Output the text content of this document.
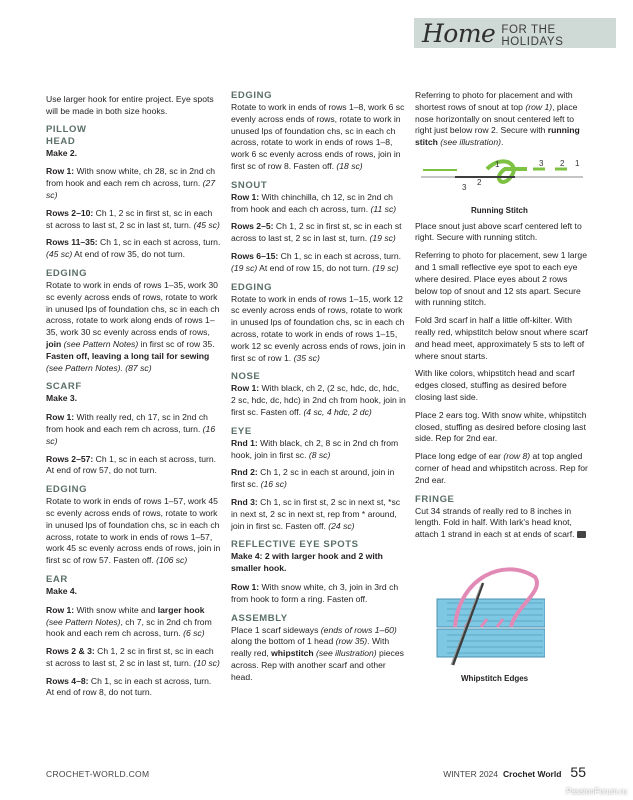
Home FOR THE HOLIDAYS

Use larger hook for entire project. Eye spots will be made in both size hooks.

PILLOW
HEAD
Make 2.

Row 1: With snow white, ch 28, sc in 2nd ch from hook and each rem ch across, turn. (27 sc)

Rows 2–10: Ch 1, 2 sc in first st, sc in each st across to last st, 2 sc in last st, turn. (45 sc)

Rows 11–35: Ch 1, sc in each st across, turn. (45 sc) At end of row 35, do not turn.

EDGING

Rotate to work in ends of rows 1–35, work 30 sc evenly across ends of rows, rotate to work in unused lps of foundation chs, sc in each ch across, rotate to work along ends of rows 1–35, work 30 sc evenly across ends of rows, join (see Pattern Notes) in first sc of row 35. Fasten off, leaving a long tail for sewing (see Pattern Notes). (87 sc)

SCARF
Make 3.

Row 1: With really red, ch 17, sc in 2nd ch from hook and each rem ch across, turn. (16 sc)

Rows 2–57: Ch 1, sc in each st across, turn. At end of row 57, do not turn.

EDGING

Rotate to work in ends of rows 1–57, work 45 sc evenly across ends of rows, rotate to work in unused lps of foundation chs, sc in each ch across, rotate to work in ends of rows 1–57, work 45 sc evenly across ends of rows, join in first sc of row 57. Fasten off. (106 sc)

EAR
Make 4.

Row 1: With snow white and larger hook (see Pattern Notes), ch 7, sc in 2nd ch from hook and each rem ch across, turn. (6 sc)

Rows 2 & 3: Ch 1, 2 sc in first st, sc in each st across to last st, 2 sc in last st, turn. (10 sc)

Rows 4–8: Ch 1, sc in each st across, turn. At end of row 8, do not turn.

EDGING

Rotate to work in ends of rows 1–8, work 6 sc evenly across ends of rows, rotate to work in unused lps of foundation chs, sc in each ch across, rotate to work in ends of rows 1–8, work 6 sc evenly across ends of rows, join in first sc of row 8. Fasten off. (18 sc)

SNOUT

Row 1: With chinchilla, ch 12, sc in 2nd ch from hook and each ch across, turn. (11 sc)

Rows 2–5: Ch 1, 2 sc in first st, sc in each st across to last st, 2 sc in last st, turn. (19 sc)

Rows 6–15: Ch 1, sc in each st across, turn. (19 sc) At end of row 15, do not turn. (19 sc)

EDGING

Rotate to work in ends of rows 1–15, work 12 sc evenly across ends of rows, rotate to work in unused lps of foundation chs, sc in each ch across, rotate to work in ends of rows 1–15, work 12 sc evenly across ends of rows, join in first sc of row 1. (35 sc)

NOSE

Row 1: With black, ch 2, (2 sc, hdc, dc, hdc, 2 sc, hdc, dc, hdc) in 2nd ch from hook, join in first sc. Fasten off. (4 sc, 4 hdc, 2 dc)

EYE

Rnd 1: With black, ch 2, 8 sc in 2nd ch from hook, join in first sc. (8 sc)

Rnd 2: Ch 1, 2 sc in each st around, join in first sc. (16 sc)

Rnd 3: Ch 1, sc in first st, 2 sc in next st, *sc in next st, 2 sc in next st, rep from * around, join in first sc. Fasten off. (24 sc)

REFLECTIVE EYE SPOTS
Make 4: 2 with larger hook and 2 with smaller hook.

Row 1: With snow white, ch 3, join in 3rd ch from hook to form a ring. Fasten off.

ASSEMBLY

Place 1 scarf sideways (ends of rows 1–60) along the bottom of 1 head (row 35). With really red, whipstitch (see illustration) pieces across. Rep with another scarf and other head.

Referring to photo for placement and with shortest rows of snout at top (row 1), place nose horizontally on snout centered left to right just below row 2. Secure with running stitch (see illustration).

3
2
1	3 2 1
Running Stitch

Place snout just above scarf centered left to right. Secure with running stitch.

Referring to photo for placement, sew 1 large and 1 small reflective eye spot to each eye where desired. Place eyes about 2 rows below top of snout and 12 sts apart. Secure with running stitch.

Fold 3rd scarf in half a little off-kilter. With really red, whipstitch below snout where scarf and head meet, approximately 5 sts to left of where snout starts.

With like colors, whipstitch head and scarf edges closed, stuffing as desired before closing last side.

Place 2 ears tog. With snow white, whipstitch closed, stuffing as desired before closing last side. Rep for 2nd ear.

Place long edge of ear (row 8) at top angled corner of head and whipstitch across. Rep for 2nd ear.

FRINGE

Cut 34 strands of really red to 8 inches in length. Fold in half. With lark's head knot, attach 1 strand in each st at ends of scarf.

Whipstitch Edges
CROCHET-WORLD.COM	WINTER 2024 Crochet World 55
PassionForum.ru
